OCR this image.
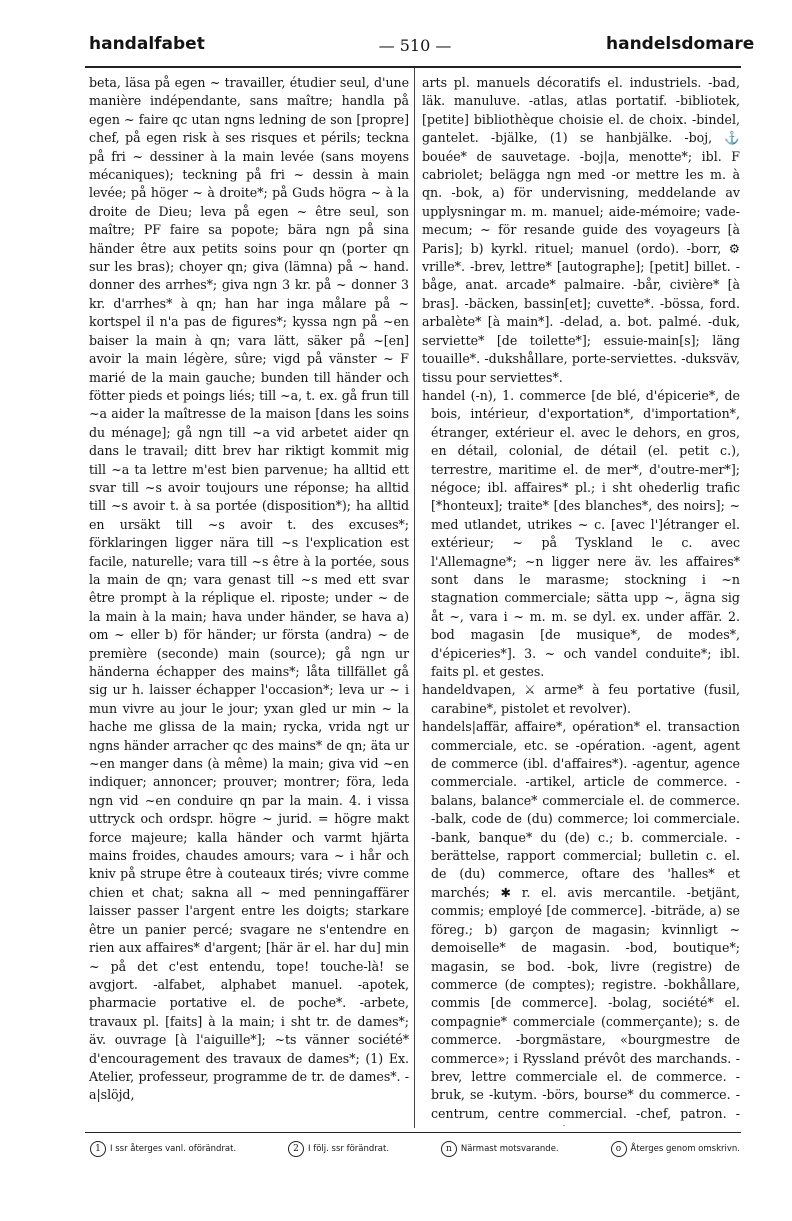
handalfabet	— 510 —	handelsdomare

beta, läsa på egen ~ travailler, étudier seul, d'une manière indépendante, sans maître; handla på egen ~ faire qc utan ngns ledning de son [propre] chef, på egen risk à ses risques et périls; teckna på fri ~ dessiner à la main levée (sans moyens mécaniques); teckning på fri ~ dessin à main levée; på höger ~ à droite*; på Guds högra ~ à la droite de Dieu; leva på egen ~ être seul, son maître; PF faire sa popote; bära ngn på sina händer être aux petits soins pour qn (porter qn sur les bras); choyer qn; giva (lämna) på ~ hand. donner des arrhes*; giva ngn 3 kr. på ~ donner 3 kr. d'arrhes* à qn; han har inga målare på ~ kortspel il n'a pas de figures*; kyssa ngn på ~en baiser la main à qn; vara lätt, säker på ~[en] avoir la main légère, sûre; vigd på vänster ~ F marié de la main gauche; bunden till händer och fötter pieds et poings liés; till ~a, t. ex. gå frun till ~a aider la maîtresse de la maison [dans les soins du ménage]; gå ngn till ~a vid arbetet aider qn dans le travail; ditt brev har riktigt kommit mig till ~a ta lettre m'est bien parvenue; ha alltid ett svar till ~s avoir toujours une réponse; ha alltid till ~s avoir t. à sa portée (disposition*); ha alltid en ursäkt till ~s avoir t. des excuses*; förklaringen ligger nära till ~s l'explication est facile, naturelle; vara till ~s être à la portée, sous la main de qn; vara genast till ~s med ett svar être prompt à la réplique el. riposte; under ~ de la main à la main; hava under händer, se hava a) om ~ eller b) för händer; ur första (andra) ~ de première (seconde) main (source); gå ngn ur händerna échapper des mains*; låta tillfället gå sig ur h. laisser échapper l'occasion*; leva ur ~ i mun vivre au jour le jour; yxan gled ur min ~ la hache me glissa de la main; rycka, vrida ngt ur ngns händer arracher qc des mains* de qn; äta ur ~en manger dans (à même) la main; giva vid ~en indiquer; annoncer; prouver; montrer; föra, leda ngn vid ~en conduire qn par la main. 4. i vissa uttryck och ordspr. högre ~ jurid. = högre makt force majeure; kalla händer och varmt hjärta mains froides, chaudes amours; vara ~ i hår och kniv på strupe être à couteaux tirés; vivre comme chien et chat; sakna all ~ med penningaffärer laisser passer l'argent entre les doigts; starkare être un panier percé; svagare ne s'entendre en rien aux affaires* d'argent; [här är el. har du] min ~ på det c'est entendu, tope! touche-là! se avgjort. -alfabet, alphabet manuel. -apotek, pharmacie portative el. de poche*. -arbete, travaux pl. [faits] à la main; i sht tr. de dames*; äv. ouvrage [à l'aiguille*]; ~ts vänner société* d'encouragement des travaux de dames*; (1) Ex. Atelier, professeur, programme de tr. de dames*. -a|slöjd,

arts pl. manuels décoratifs el. industriels. -bad, läk. manuluve. -atlas, atlas portatif. -bibliotek, [petite] bibliothèque choisie el. de choix. -bindel, gantelet. -bjälke, (1) se hanbjälke. -boj, ⚓ bouée* de sauvetage. -boj|a, menotte*; ibl. F cabriolet; belägga ngn med -or mettre les m. à qn. -bok, a) för undervisning, meddelande av upplysningar m. m. manuel; aide-mémoire; vade-mecum; ~ för resande guide des voyageurs [à Paris]; b) kyrkl. rituel; manuel (ordo). -borr, ⚙ vrille*. -brev, lettre* [autographe]; [petit] billet. -båge, anat. arcade* palmaire. -bår, civière* [à bras]. -bäcken, bassin[et]; cuvette*. -bössa, ford. arbalète* [à main*]. -delad, a. bot. palmé. -duk, serviette* [de toilette*]; essuie-main[s]; läng touaille*. -dukshållare, porte-serviettes. -duksväv, tissu pour serviettes*.

handel (-n), 1. commerce [de blé, d'épicerie*, de bois, intérieur, d'exportation*, d'importation*, étranger, extérieur el. avec le dehors, en gros, en détail, colonial, de détail (el. petit c.), terrestre, maritime el. de mer*, d'outre-mer*]; négoce; ibl. affaires* pl.; i sht ohederlig trafic [*honteux]; traite* [des blanches*, des noirs]; ~ med utlandet, utrikes ~ c. [avec l']étranger el. extérieur; ~ på Tyskland le c. avec l'Allemagne*; ~n ligger nere äv. les affaires* sont dans le marasme; stockning i ~n stagnation commerciale; sätta upp ~, ägna sig åt ~, vara i ~ m. m. se dyl. ex. under affär. 2. bod magasin [de musique*, de modes*, d'épiceries*]. 3. ~ och vandel conduite*; ibl. faits pl. et gestes.

handeldvapen, ⚔ arme* à feu portative (fusil, carabine*, pistolet et revolver).

handels|affär, affaire*, opération* el. transaction commerciale, etc. se -opération. -agent, agent de commerce (ibl. d'affaires*). -agentur, agence commerciale. -artikel, article de commerce. -balans, balance* commerciale el. de commerce. -balk, code de (du) commerce; loi commerciale. -bank, banque* du (de) c.; b. commerciale. -berättelse, rapport commercial; bulletin c. el. de (du) commerce, oftare des 'halles* et marchés; ✱ r. el. avis mercantile. -betjänt, commis; employé [de commerce]. -biträde, a) se föreg.; b) garçon de magasin; kvinnligt ~ demoiselle* de magasin. -bod, boutique*; magasin, se bod. -bok, livre (registre) de commerce (de comptes); registre. -bokhållare, commis [de commerce]. -bolag, société* el. compagnie* commerciale (commerçante); s. de commerce. -borgmästare, «bourgmestre de commerce»; i Ryssland prévôt des marchands. -brev, lettre commerciale el. de commerce. -bruk, se -kutym. -börs, bourse* du commerce. -centrum, centre commercial. -chef, patron. -

1	I ssr återges vanl. oförändrat.	2	I följ. ssr förändrat.	n	Närmast motsvarande.	o	Återges genom omskrivn.
